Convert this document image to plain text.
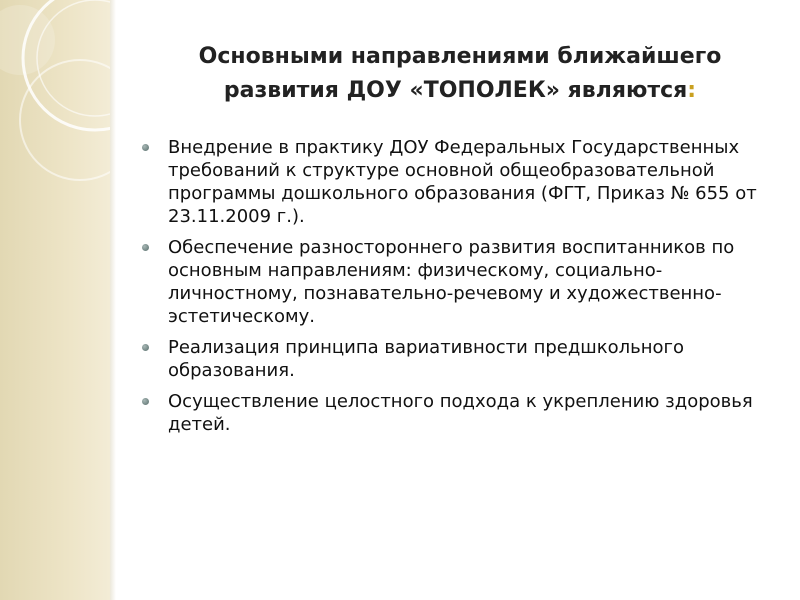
Основными направлениями ближайшего развития ДОУ «ТОПОЛЕК» являются:
Внедрение в практику ДОУ Федеральных Государственных требований к структуре основной общеобразовательной программы дошкольного образования (ФГТ, Приказ № 655 от 23.11.2009 г.).
Обеспечение разностороннего развития воспитанников по основным направлениям: физическому, социально-личностному, познавательно-речевому и художественно-эстетическому.
Реализация принципа вариативности предшкольного образования.
Осуществление целостного подхода к укреплению здоровья детей.
